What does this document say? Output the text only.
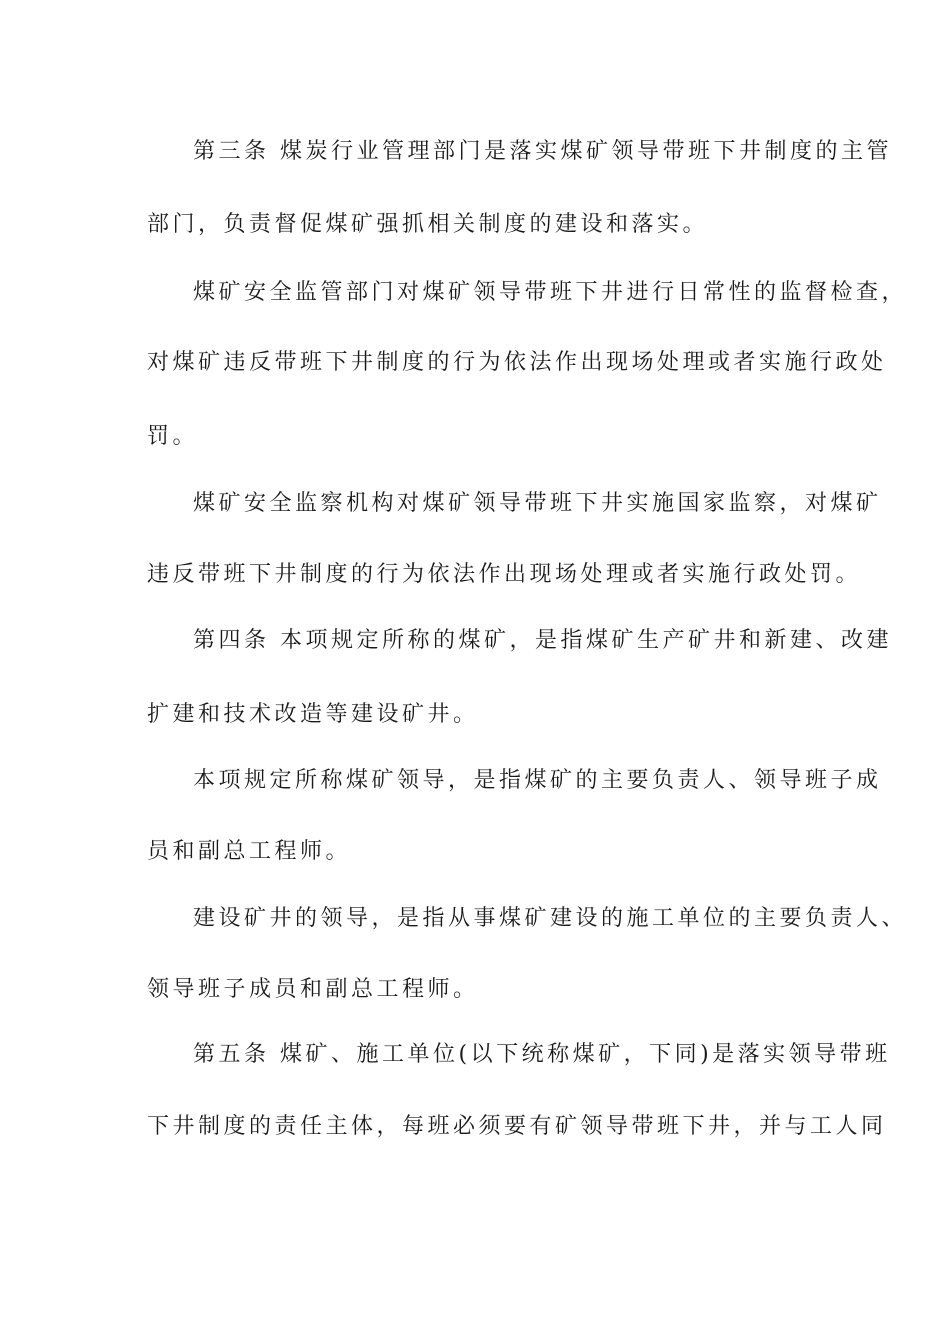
第三条 煤炭行业管理部门是落实煤矿领导带班下井制度的主管
部门，负责督促煤矿强抓相关制度的建设和落实。
煤矿安全监管部门对煤矿领导带班下井进行日常性的监督检查，
对煤矿违反带班下井制度的行为依法作出现场处理或者实施行政处
罚。
煤矿安全监察机构对煤矿领导带班下井实施国家监察，对煤矿
违反带班下井制度的行为依法作出现场处理或者实施行政处罚。
第四条 本项规定所称的煤矿，是指煤矿生产矿井和新建、改建
扩建和技术改造等建设矿井。
本项规定所称煤矿领导，是指煤矿的主要负责人、领导班子成
员和副总工程师。
建设矿井的领导，是指从事煤矿建设的施工单位的主要负责人、
领导班子成员和副总工程师。
第五条 煤矿、施工单位(以下统称煤矿，下同)是落实领导带班
下井制度的责任主体，每班必须要有矿领导带班下井，并与工人同
